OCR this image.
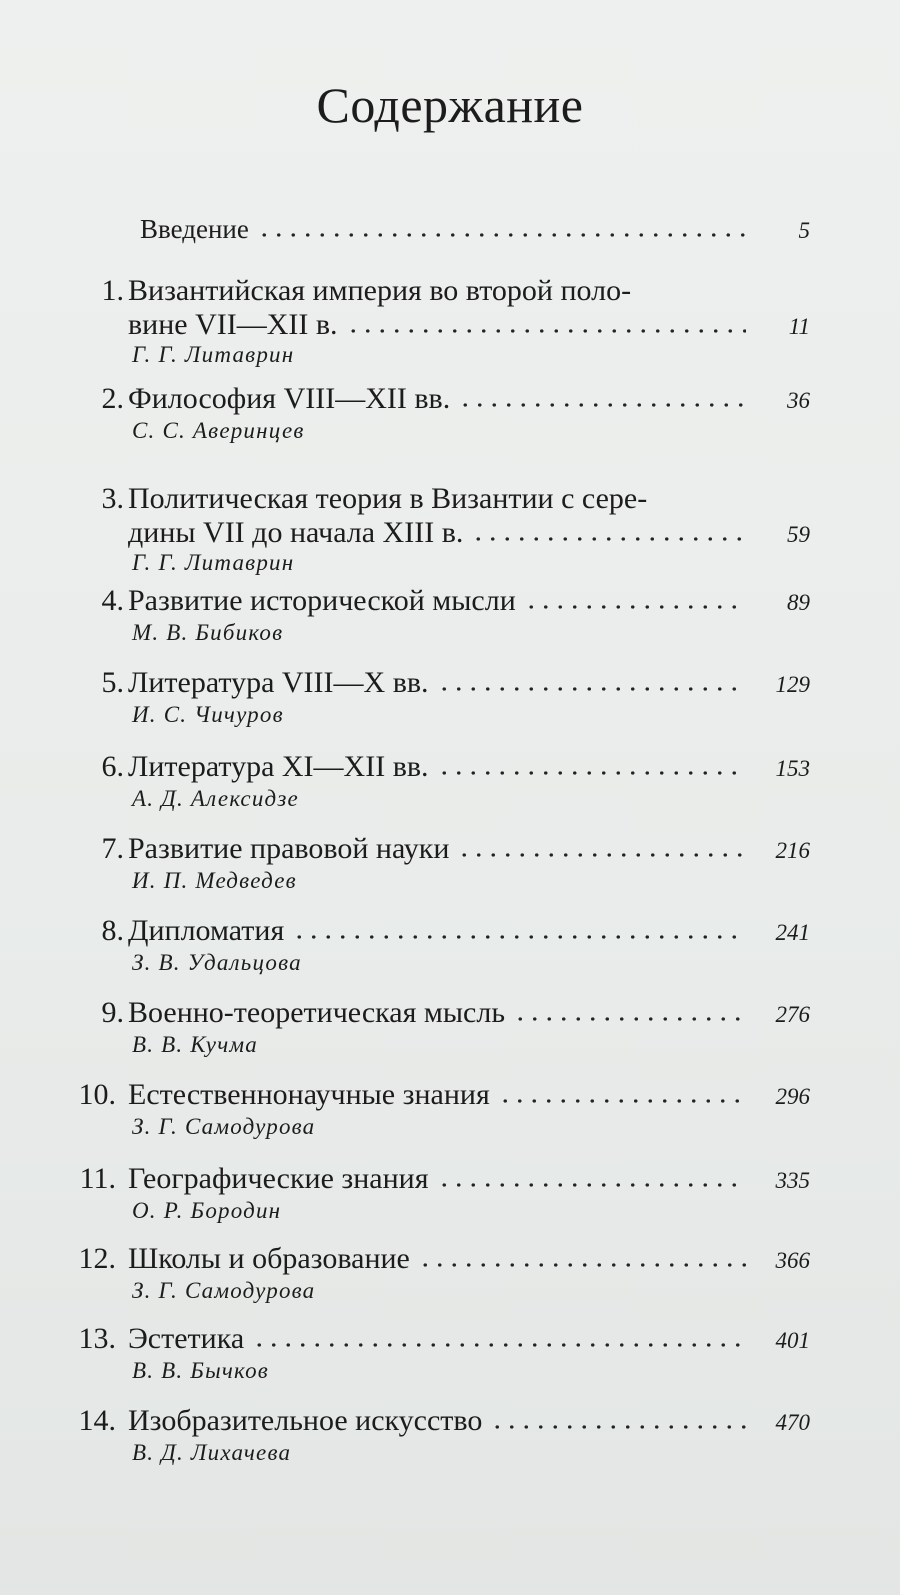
Содержание
Введение	5
1. Византийская империя во второй поло-
вине VII—XII в.	11
Г. Г. Литаврин
2. Философия VIII—XII вв.	36
С. С. Аверинцев
3. Политическая теория в Византии с сере-
дины VII до начала XIII в.	59
Г. Г. Литаврин
4. Развитие исторической мысли	89
М. В. Бибиков
5. Литература VIII—X вв.	129
И. С. Чичуров
6. Литература XI—XII вв.	153
А. Д. Алексидзе
7. Развитие правовой науки	216
И. П. Медведев
8. Дипломатия	241
З. В. Удальцова
9. Военно-теоретическая мысль	276
В. В. Кучма
10. Естественнонаучные знания	296
З. Г. Самодурова
11. Географические знания	335
О. Р. Бородин
12. Школы и образование	366
З. Г. Самодурова
13. Эстетика	401
В. В. Бычков
14. Изобразительное искусство	470
В. Д. Лихачева
